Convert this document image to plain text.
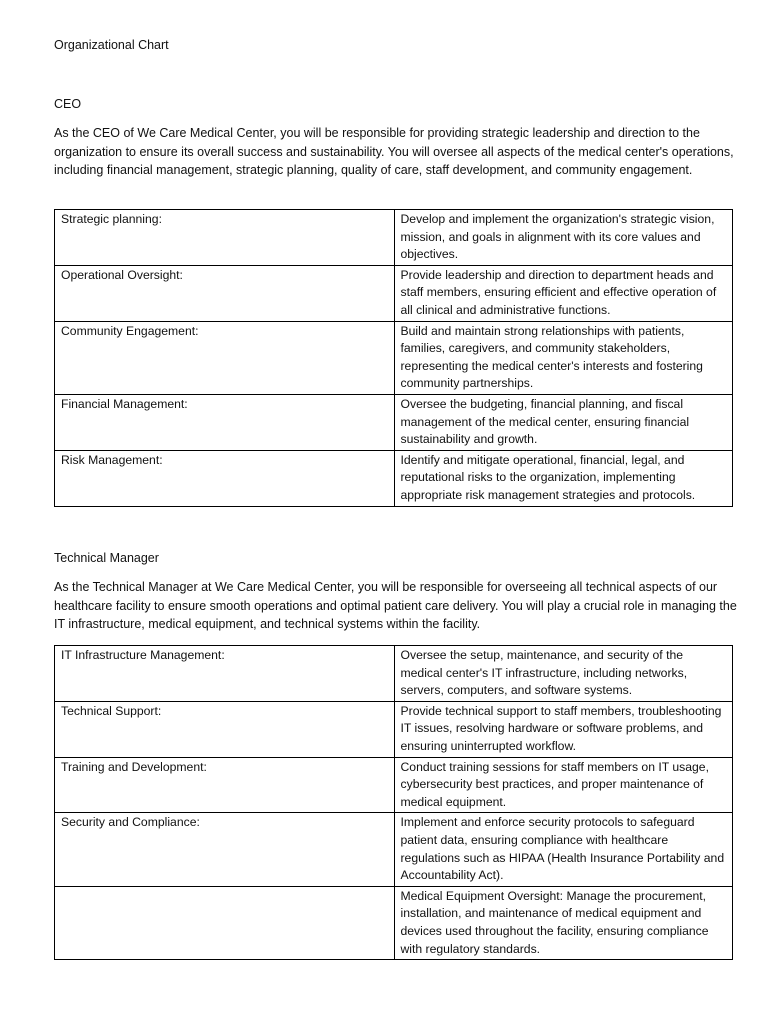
Organizational Chart
CEO

As the CEO of We Care Medical Center, you will be responsible for providing strategic leadership and direction to the organization to ensure its overall success and sustainability. You will oversee all aspects of the medical center's operations, including financial management, strategic planning, quality of care, staff development, and community engagement.

Strategic planning:	Develop and implement the organization's strategic vision, mission, and goals in alignment with its core values and objectives.
Operational Oversight:	Provide leadership and direction to department heads and staff members, ensuring efficient and effective operation of all clinical and administrative functions.
Community Engagement:	Build and maintain strong relationships with patients, families, caregivers, and community stakeholders, representing the medical center's interests and fostering community partnerships.
Financial Management:	Oversee the budgeting, financial planning, and fiscal management of the medical center, ensuring financial sustainability and growth.
Risk Management:	Identify and mitigate operational, financial, legal, and reputational risks to the organization, implementing appropriate risk management strategies and protocols.
Technical Manager

As the Technical Manager at We Care Medical Center, you will be responsible for overseeing all technical aspects of our healthcare facility to ensure smooth operations and optimal patient care delivery. You will play a crucial role in managing the IT infrastructure, medical equipment, and technical systems within the facility.

IT Infrastructure Management:	Oversee the setup, maintenance, and security of the medical center's IT infrastructure, including networks, servers, computers, and software systems.
Technical Support:	Provide technical support to staff members, troubleshooting IT issues, resolving hardware or software problems, and ensuring uninterrupted workflow.
Training and Development:	Conduct training sessions for staff members on IT usage, cybersecurity best practices, and proper maintenance of medical equipment.
Security and Compliance:	Implement and enforce security protocols to safeguard patient data, ensuring compliance with healthcare regulations such as HIPAA (Health Insurance Portability and Accountability Act).
	Medical Equipment Oversight: Manage the procurement, installation, and maintenance of medical equipment and devices used throughout the facility, ensuring compliance with regulatory standards.
